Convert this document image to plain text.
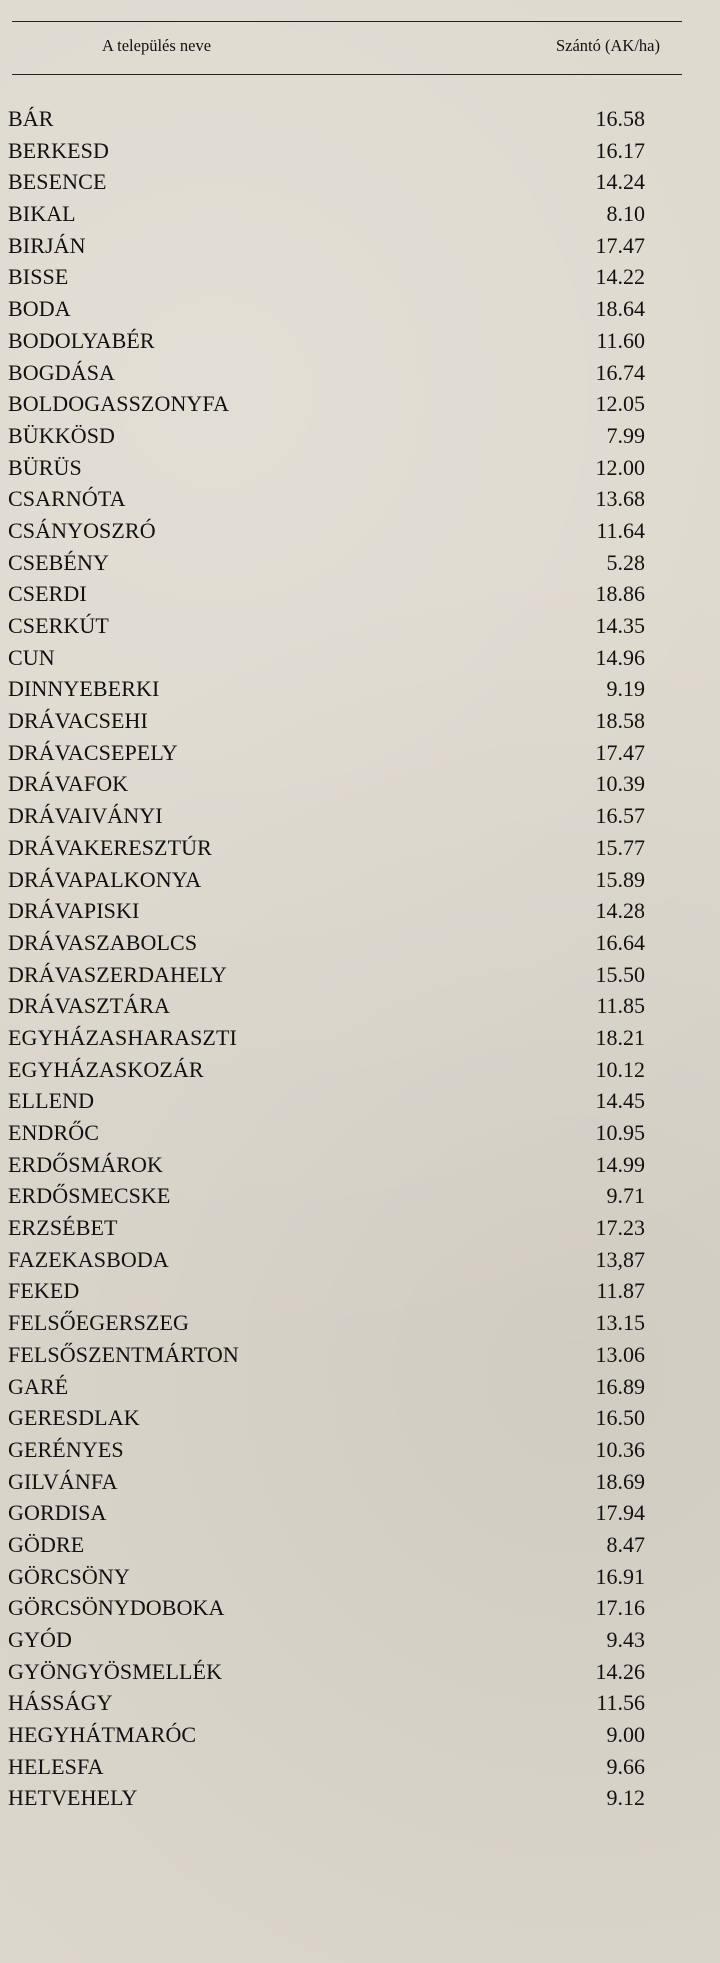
A település neve	Szántó (AK/ha)
BÁR	16.58
BERKESD	16.17
BESENCE	14.24
BIKAL	8.10
BIRJÁN	17.47
BISSE	14.22
BODA	18.64
BODOLYABÉR	11.60
BOGDÁSA	16.74
BOLDOGASSZONYFA	12.05
BÜKKÖSD	7.99
BÜRÜS	12.00
CSARNÓTA	13.68
CSÁNYOSZRÓ	11.64
CSEBÉNY	5.28
CSERDI	18.86
CSERKÚT	14.35
CUN	14.96
DINNYEBERKI	9.19
DRÁVACSEHI	18.58
DRÁVACSEPELY	17.47
DRÁVAFOK	10.39
DRÁVAIVÁNYI	16.57
DRÁVAKERESZTÚR	15.77
DRÁVAPALKONYA	15.89
DRÁVAPISKI	14.28
DRÁVASZABOLCS	16.64
DRÁVASZERDAHELY	15.50
DRÁVASZTÁRA	11.85
EGYHÁZASHARASZTI	18.21
EGYHÁZASKOZÁR	10.12
ELLEND	14.45
ENDRŐC	10.95
ERDŐSMÁROK	14.99
ERDŐSMECSKE	9.71
ERZSÉBET	17.23
FAZEKASBODA	13,87
FEKED	11.87
FELSŐEGERSZEG	13.15
FELSŐSZENTMÁRTON	13.06
GARÉ	16.89
GERESDLAK	16.50
GERÉNYES	10.36
GILVÁNFA	18.69
GORDISA	17.94
GÖDRE	8.47
GÖRCSÖNY	16.91
GÖRCSÖNYDOBOKA	17.16
GYÓD	9.43
GYÖNGYÖSMELLÉK	14.26
HÁSSÁGY	11.56
HEGYHÁTMARÓC	9.00
HELESFA	9.66
HETVEHELY	9.12
